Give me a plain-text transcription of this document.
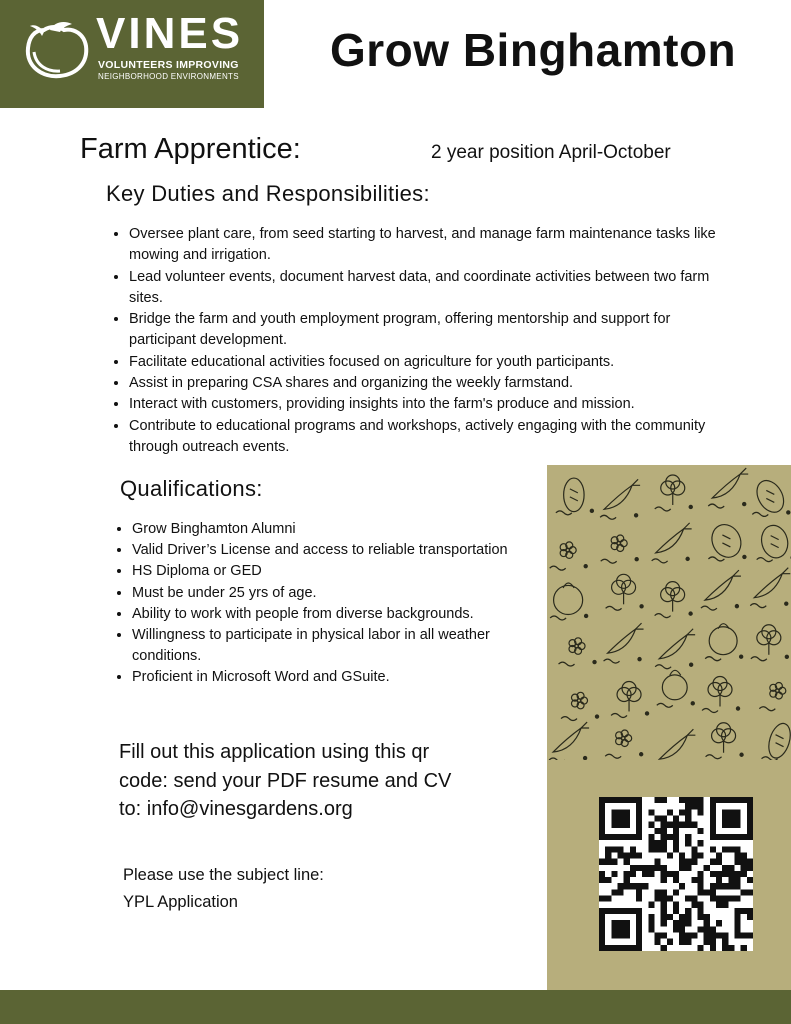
VINES
VOLUNTEERS IMPROVING
NEIGHBORHOOD ENVIRONMENTS
Grow Binghamton
Farm Apprentice:	2 year position April-October
Key Duties and Responsibilities:
• Oversee plant care, from seed starting to harvest, and manage farm maintenance tasks like mowing and irrigation.
• Lead volunteer events, document harvest data, and coordinate activities between two farm sites.
• Bridge the farm and youth employment program, offering mentorship and support for participant development.
• Facilitate educational activities focused on agriculture for youth participants.
• Assist in preparing CSA shares and organizing the weekly farmstand.
• Interact with customers, providing insights into the farm's produce and mission.
• Contribute to educational programs and workshops, actively engaging with the community through outreach events.
Qualifications:
• Grow Binghamton Alumni
• Valid Driver’s License and access to reliable transportation
• HS Diploma or GED
• Must be under 25 yrs of age.
• Ability to work with people from diverse backgrounds.
• Willingness to participate in physical labor in all weather conditions.
• Proficient in Microsoft Word and GSuite.

Fill out this application using this qr code: send your PDF resume and CV to: info@vinesgardens.org

Please use the subject line:
YPL Application
